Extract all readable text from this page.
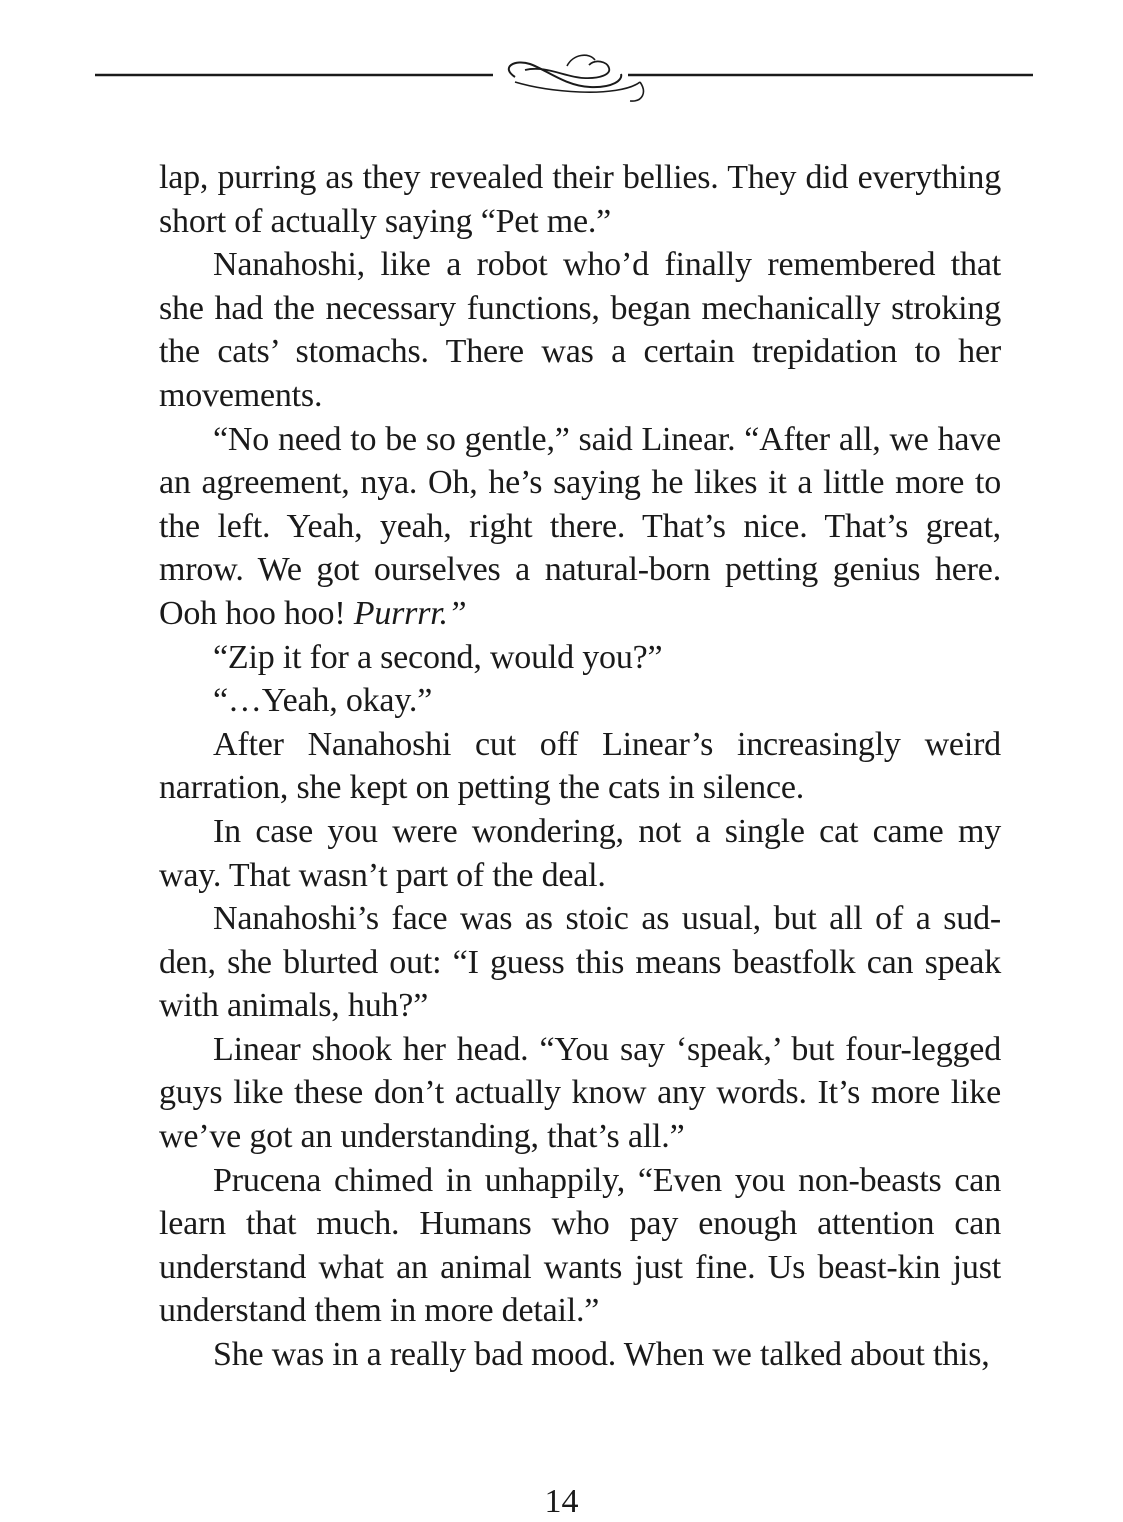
lap, purring as they revealed their bellies. They did everything short of actually saying “Pet me.”

Nanahoshi, like a robot who’d finally remembered that she had the necessary functions, began mechanically stroking the cats’ stomachs. There was a certain trepidation to her movements.

“No need to be so gentle,” said Linear. “After all, we have an agreement, nya. Oh, he’s saying he likes it a little more to the left. Yeah, yeah, right there. That’s nice. That’s great, mrow. We got ourselves a natural-born petting genius here. Ooh hoo hoo! Purrrr.”

“Zip it for a second, would you?”

“…Yeah, okay.”

After Nanahoshi cut off Linear’s increasingly weird narration, she kept on petting the cats in silence.

In case you were wondering, not a single cat came my way. That wasn’t part of the deal.

Nanahoshi’s face was as stoic as usual, but all of a sud-den, she blurted out: “I guess this means beastfolk can speak with animals, huh?”

Linear shook her head. “You say ‘speak,’ but four-legged guys like these don’t actually know any words. It’s more like we’ve got an understanding, that’s all.”

Prucena chimed in unhappily, “Even you non-beasts can learn that much. Humans who pay enough attention can understand what an animal wants just fine. Us beast-kin just understand them in more detail.”

She was in a really bad mood. When we talked about this,

14
